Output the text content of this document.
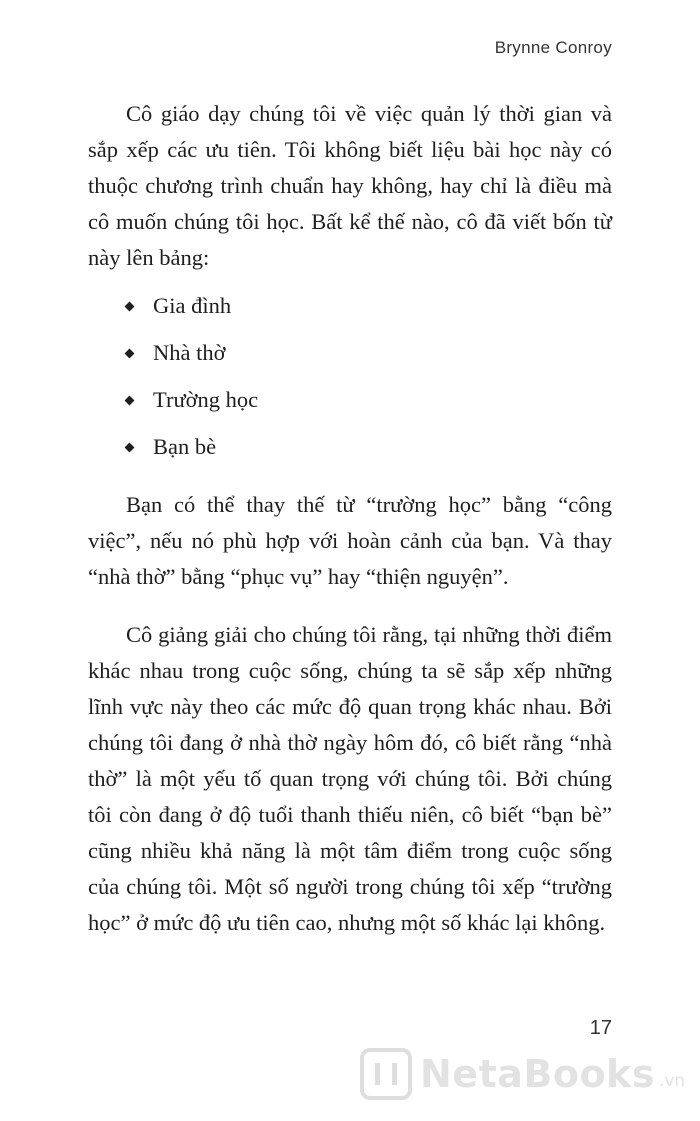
Brynne Conroy

Cô giáo dạy chúng tôi về việc quản lý thời gian và sắp xếp các ưu tiên. Tôi không biết liệu bài học này có thuộc chương trình chuẩn hay không, hay chỉ là điều mà cô muốn chúng tôi học. Bất kể thế nào, cô đã viết bốn từ này lên bảng:

Gia đình
Nhà thờ
Trường học
Bạn bè

Bạn có thể thay thế từ “trường học” bằng “công việc”, nếu nó phù hợp với hoàn cảnh của bạn. Và thay “nhà thờ” bằng “phục vụ” hay “thiện nguyện”.

Cô giảng giải cho chúng tôi rằng, tại những thời điểm khác nhau trong cuộc sống, chúng ta sẽ sắp xếp những lĩnh vực này theo các mức độ quan trọng khác nhau. Bởi chúng tôi đang ở nhà thờ ngày hôm đó, cô biết rằng “nhà thờ” là một yếu tố quan trọng với chúng tôi. Bởi chúng tôi còn đang ở độ tuổi thanh thiếu niên, cô biết “bạn bè” cũng nhiều khả năng là một tâm điểm trong cuộc sống của chúng tôi. Một số người trong chúng tôi xếp “trường học” ở mức độ ưu tiên cao, nhưng một số khác lại không.

17
NetaBooks .vn
